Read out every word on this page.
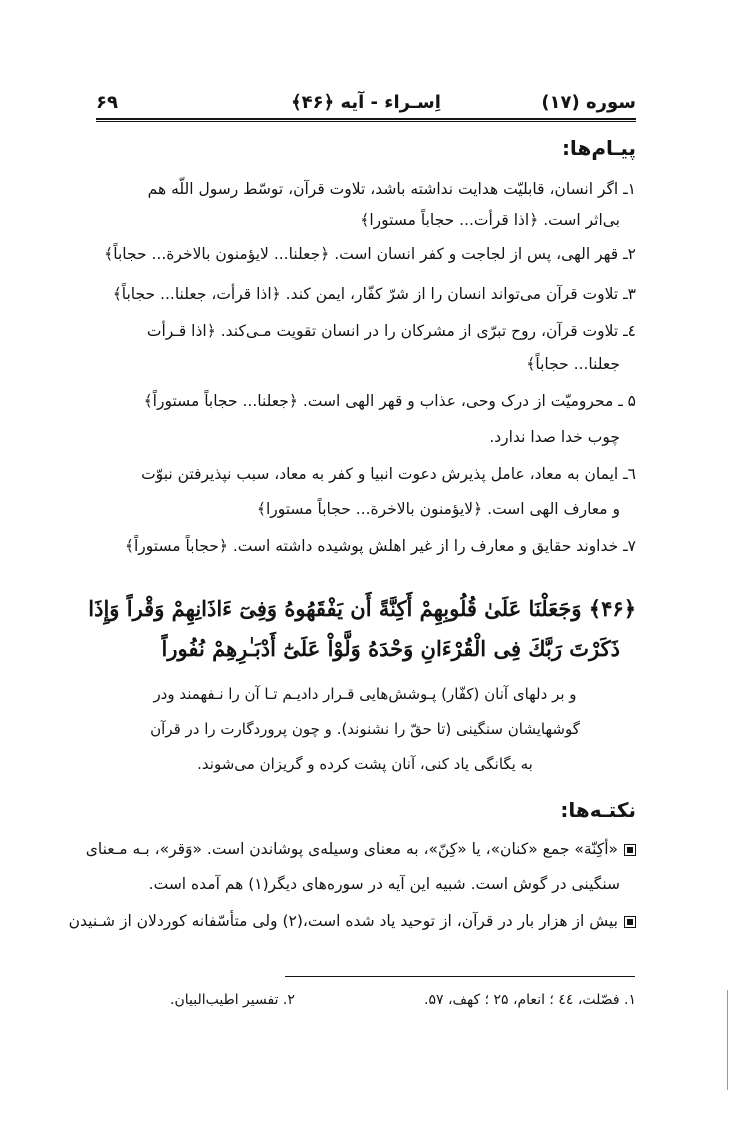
سوره (۱۷)
اِسـراء - آیه ﴿۴۶﴾
۶۹
پیـام‌ها:
۱ـ اگر انسان، قابلیّت هدایت نداشته باشد، تلاوت قرآن، توسّط رسول اللّه هم
بی‌اثر است. ﴿اذا قرأت... حجاباً مستورا﴾
۲ـ قهر الهی، پس از لجاجت و کفر انسان است. ﴿جعلنا... لایؤمنون بالاخرة... حجاباً﴾
۳ـ تلاوت قرآن می‌تواند انسان را از شرّ کفّار، ایمن کند. ﴿اذا قرأت، جعلنا... حجاباً﴾
٤ـ تلاوت قرآن، روح تبرّی از مشرکان را در انسان تقویت مـی‌کند. ﴿اذا قـرأت
جعلنا... حجاباً﴾
۵ ـ محرومیّت از درک وحی، عذاب و قهر الهی است. ﴿جعلنا... حجاباً مستوراً﴾
چوب خدا صدا ندارد.
٦ـ ایمان به معاد، عامل پذیرش دعوت انبیا و کفر به معاد، سبب نپذیرفتن نبوّت
و معارف الهی است. ﴿لایؤمنون بالاخرة... حجاباً مستورا﴾
۷ـ خداوند حقایق و معارف را از غیر اهلش پوشیده داشته است. ﴿حجاباً مستوراً﴾
﴿۴۶﴾ وَجَعَلْنَا عَلَىٰ قُلُوبِهِمْ أَكِنَّةً أَن يَفْقَهُوهُ وَفِىٓ ءَاذَانِهِمْ وَقْراً وَإِذَا
ذَكَرْتَ رَبَّكَ فِى الْقُرْءَانِ وَحْدَهُ وَلَّوْاْ عَلَىٰٓ أَدْبَـٰرِهِمْ نُفُوراً
و بر دلهای آنان (کفّار) پـوشش‌هایی قـرار دادیـم تـا آن را نـفهمند ودر
گوشهایشان سنگینی (تا حقّ را نشنوند). و چون پروردگارت را در قرآن
به یگانگی یاد کنی، آنان پشت کرده و گریزان می‌شوند.
نکتـه‌ها:
«أكِنّة» جمع «كنان»، يا «كِنّ»، به معنای وسیله‌ی پوشاندن است. «وَقر»، بـه مـعنای
سنگینی در گوش است. شبیه این آیه در سوره‌های دیگر(۱) هم آمده است.
بیش از هزار بار در قرآن، از توحید یاد شده است،(۲) ولی متأسّفانه کوردلان از شـنیدن
۱. فصّلت، ٤٤ ؛ انعام، ۲۵ ؛ کهف، ۵۷.
۲. تفسیر اطیب‌البیان.
